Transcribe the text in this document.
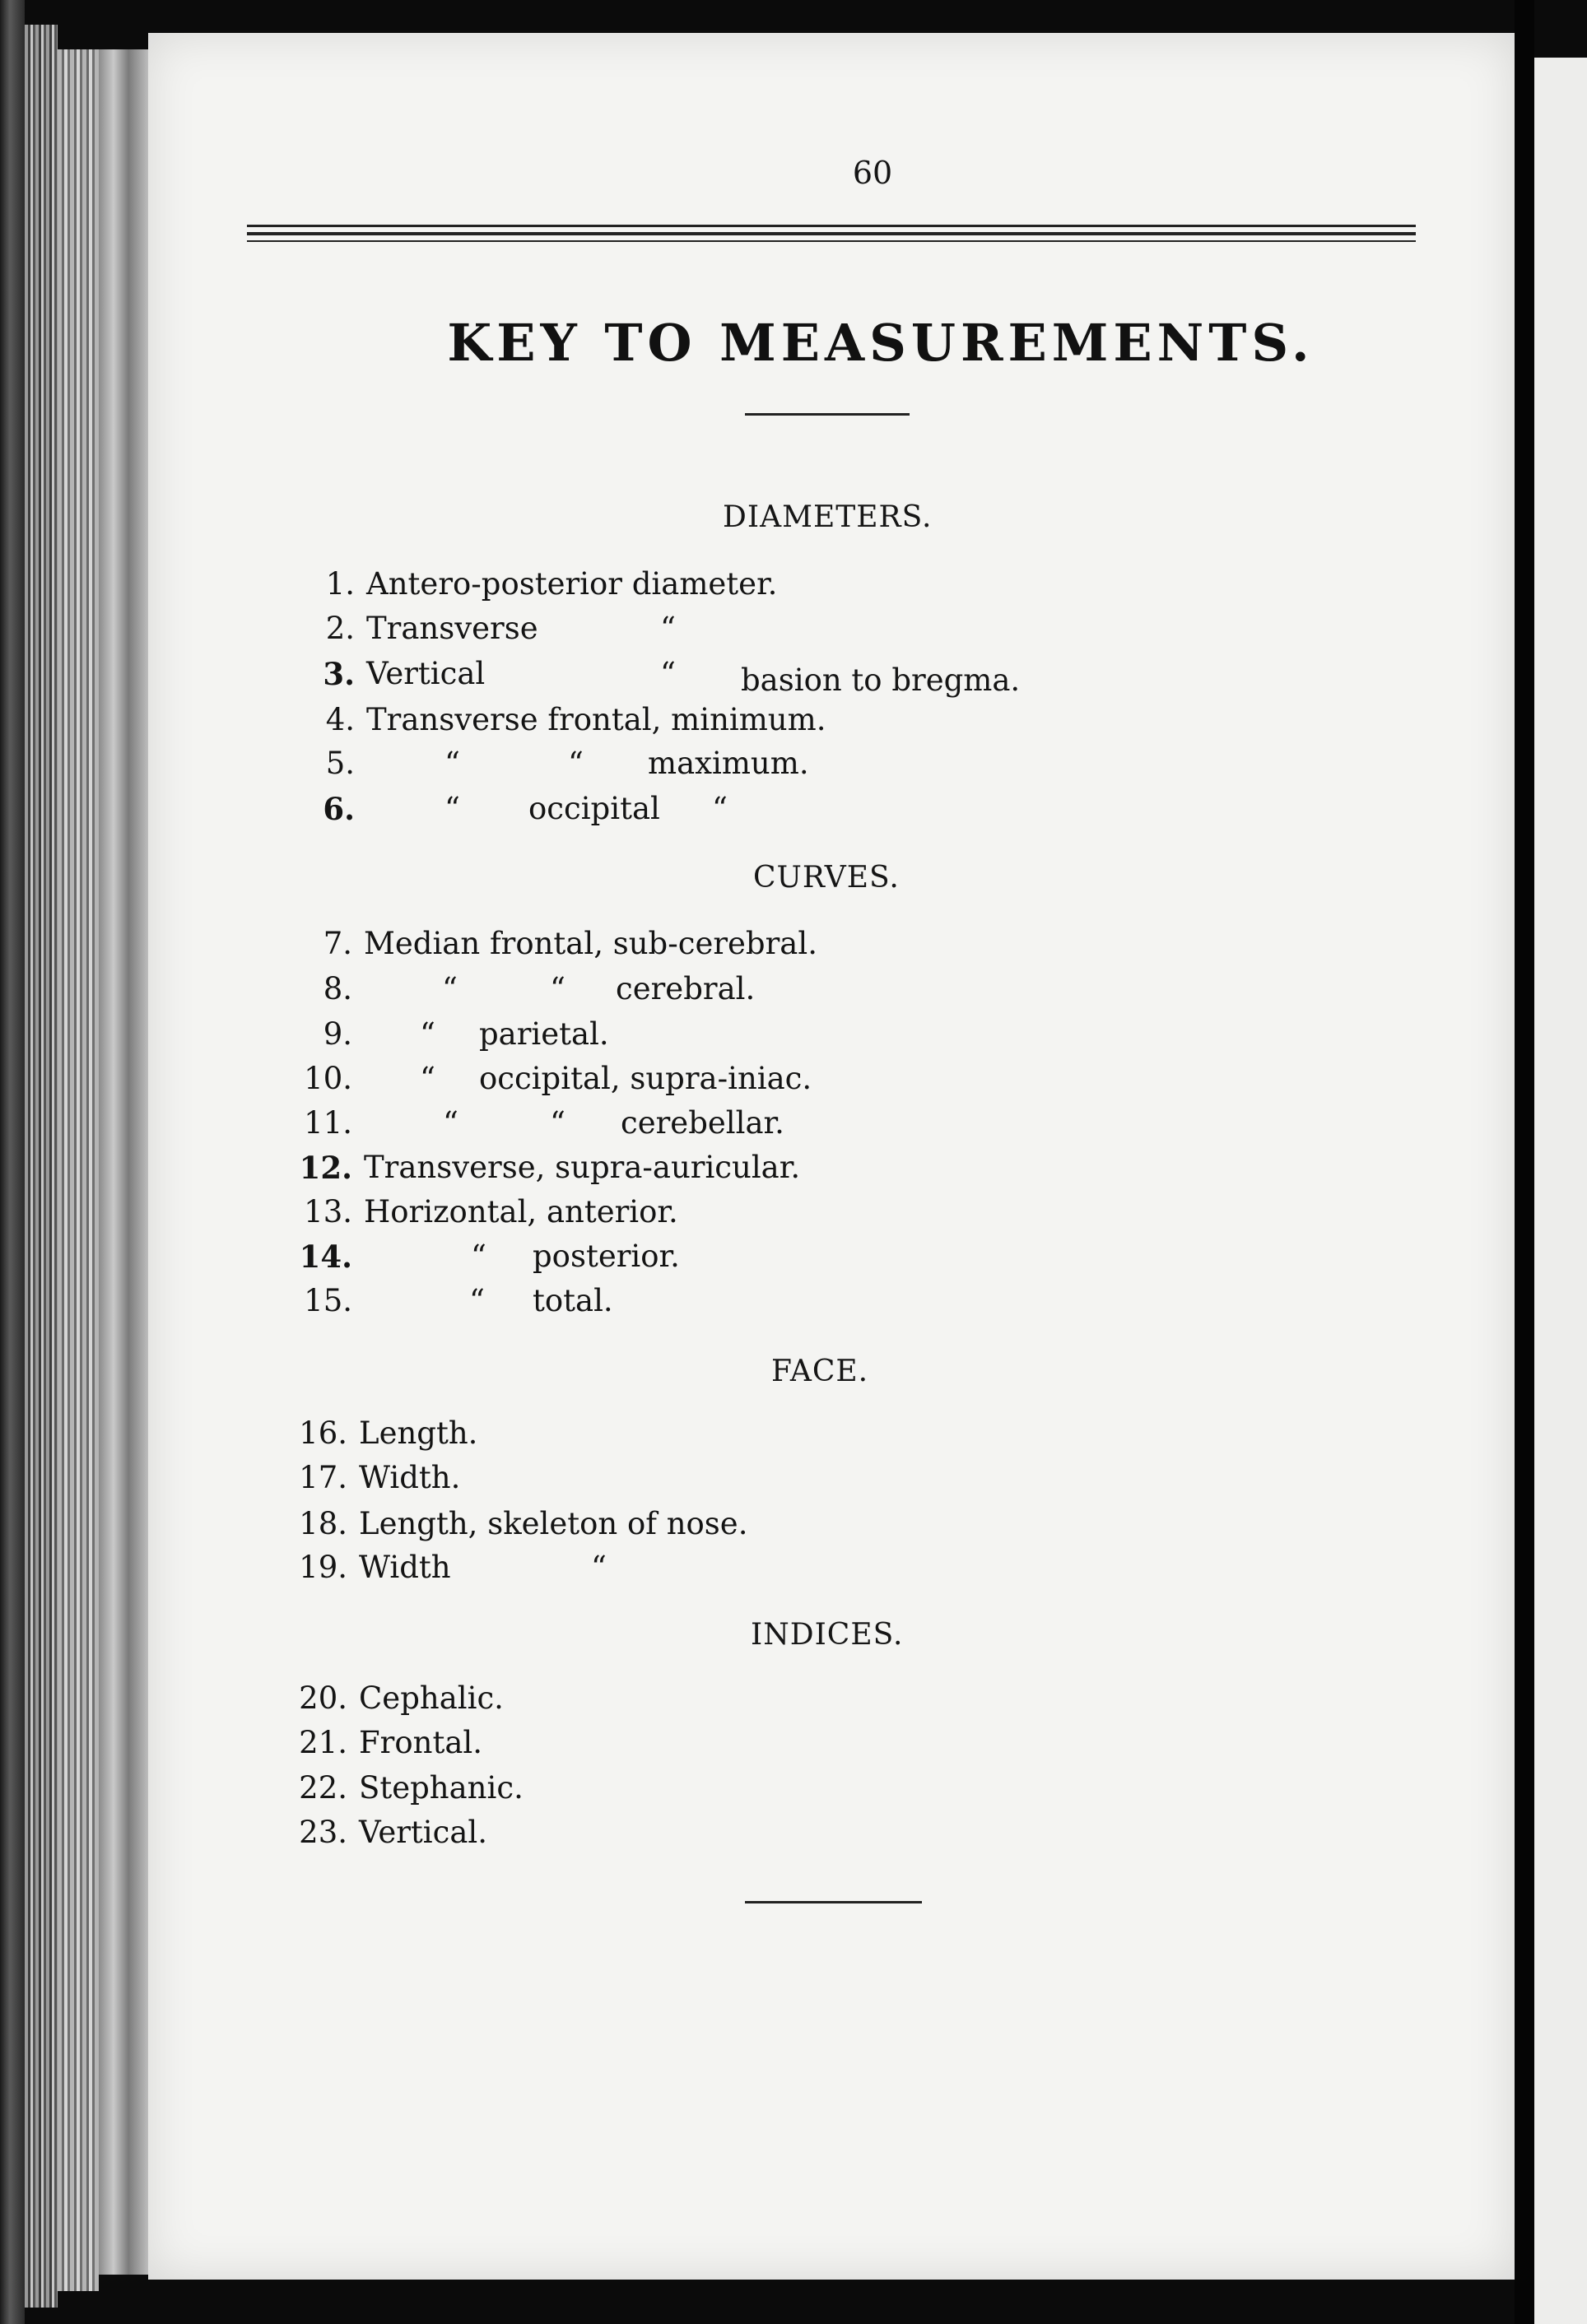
60
KEY TO MEASUREMENTS.
DIAMETERS.
1. Antero-posterior diameter.
2. Transverse	“
3. Vertical	“ basion to bregma.
4. Transverse frontal, minimum.
5.	“	“ maximum.
6.	“ occipital “
CURVES.
7. Median frontal, sub-cerebral.
8.	“	“ cerebral.
9. “ parietal.
10. “ occipital, supra-iniac.
11.	“	“ cerebellar.
12. Transverse, supra-auricular.
13. Horizontal, anterior.
14.	“ posterior.
15.	“ total.
FACE.
16. Length.
17. Width.
18. Length, skeleton of nose.
19. Width	“
INDICES.
20. Cephalic.
21. Frontal.
22. Stephanic.
23. Vertical.
